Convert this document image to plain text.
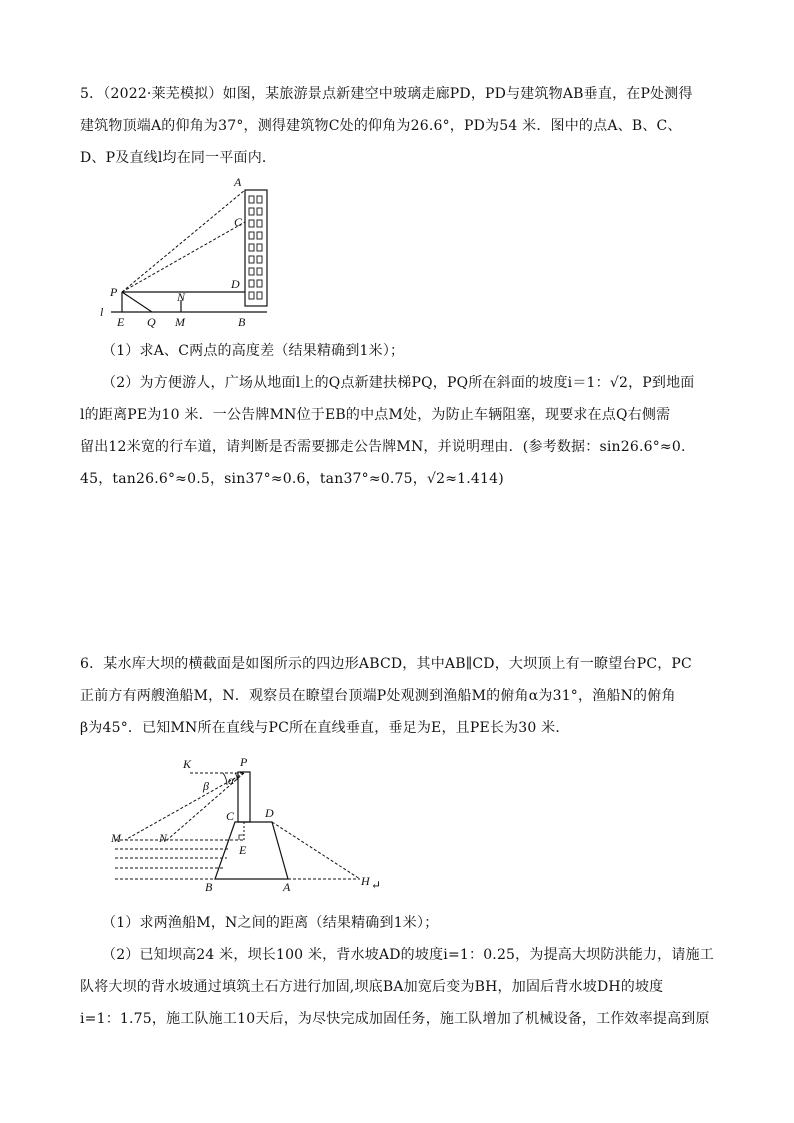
5．（2022·莱芜模拟）如图，某旅游景点新建空中玻璃走廊PD，PD与建筑物AB垂直，在P处测得
建筑物顶端A的仰角为37°，测得建筑物C处的仰角为26.6°，PD为54 米．图中的点A、B、C、
D、P及直线l均在同一平面内．
A
C
P	N
D
l
E Q M	B
（1）求A、C两点的高度差（结果精确到1米）；
（2）为方便游人，广场从地面l上的Q点新建扶梯PQ，PQ所在斜面的坡度i＝1：√2，P到地面
l的距离PE为10 米．一公告牌MN位于EB的中点M处，为防止车辆阻塞，现要求在点Q右侧需
留出12米宽的行车道，请判断是否需要挪走公告牌MN，并说明理由．(参考数据：sin26.6°≈0.
45，tan26.6°≈0.5，sin37°≈0.6，tan37°≈0.75，√2≈1.414)
6．某水库大坝的横截面是如图所示的四边形ABCD，其中AB∥CD，大坝顶上有一瞭望台PC，PC
正前方有两艘渔船M，N．观察员在瞭望台顶端P处观测到渔船M的俯角α为31°，渔船N的俯角
β为45°．已知MN所在直线与PC所在直线垂直，垂足为E，且PE长为30 米．
K	P
α
β
C	D
M	N
E
B	A	H ↵
（1）求两渔船M，N之间的距离（结果精确到1米）；
（2）已知坝高24 米，坝长100 米，背水坡AD的坡度i=1：0.25，为提高大坝防洪能力，请施工
队将大坝的背水坡通过填筑土石方进行加固,坝底BA加宽后变为BH，加固后背水坡DH的坡度
i=1：1.75，施工队施工10天后，为尽快完成加固任务，施工队增加了机械设备，工作效率提高到原
